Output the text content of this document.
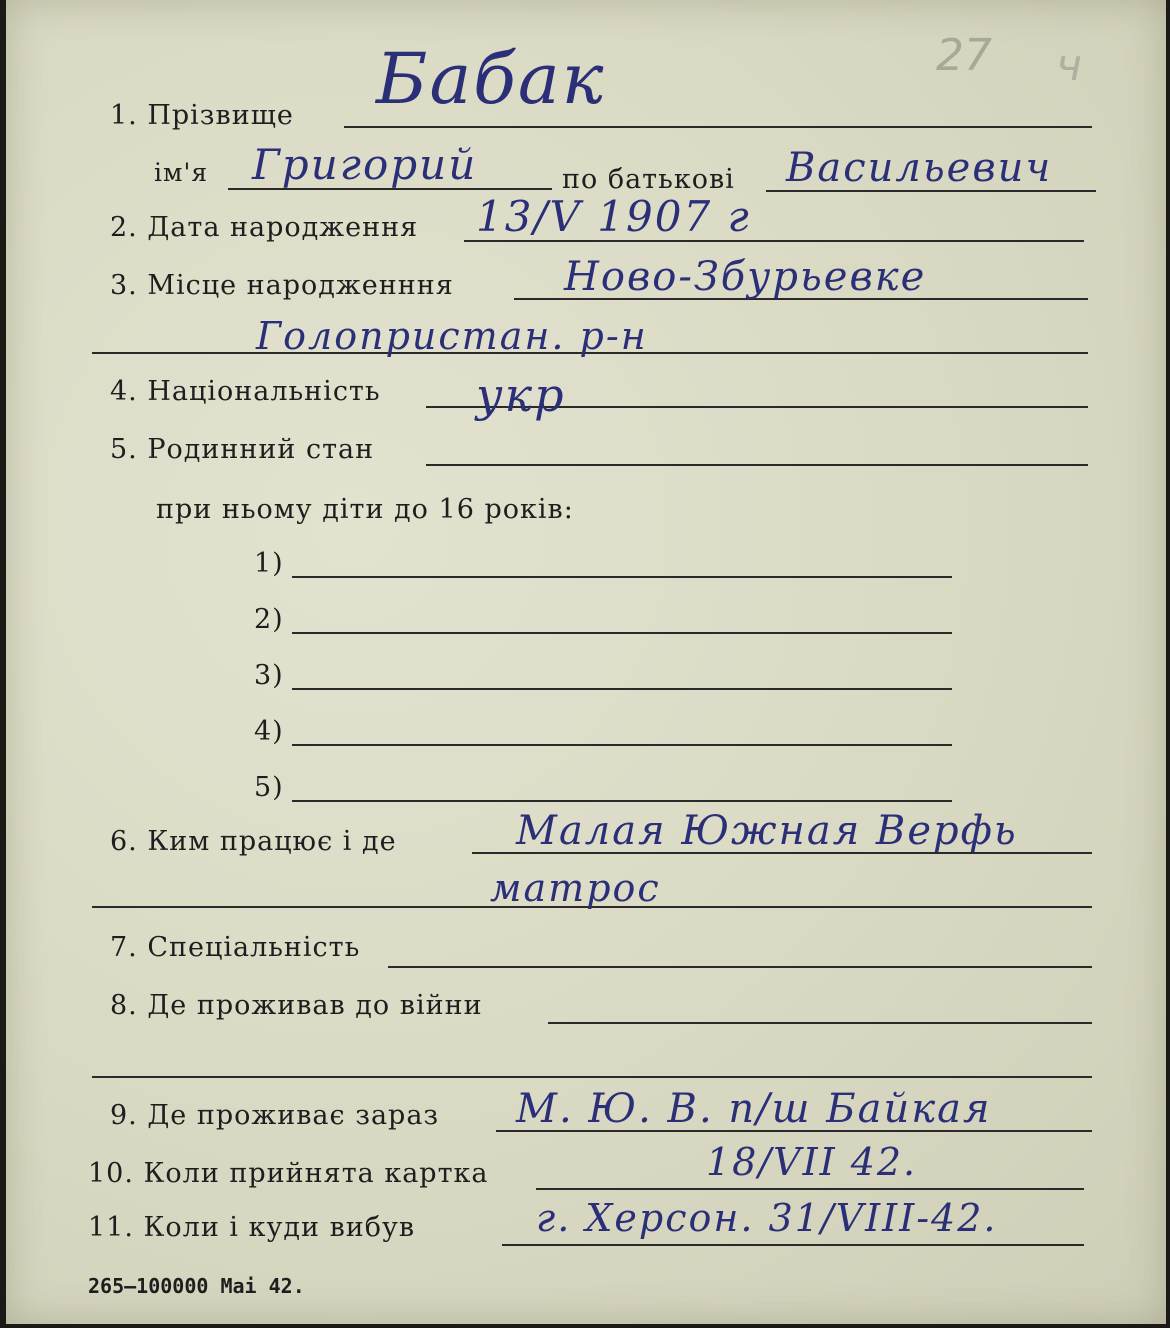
27 ч
1. Прізвище Бабак
ім'я Григорий	по батькові Васильевич
2. Дата народження 13/V 1907 г
3. Місце народженння	Ново-Збурьевке
Голопристан. р-н
4. Національність укр
5. Родинний стан
при ньому діти до 16 років:
1)
2)
3)
4)
5)
6. Ким працює і де	Малая Южная Верфь
матрос
7. Спеціальність
8. Де проживав до війни
9. Де проживає зараз М. Ю. В. п/ш Байкая
10. Коли прийнята картка	18/VII 42.
11. Коли і куди вибув	г. Херсон. 31/VIII-42.
265—100000 Маі 42.
